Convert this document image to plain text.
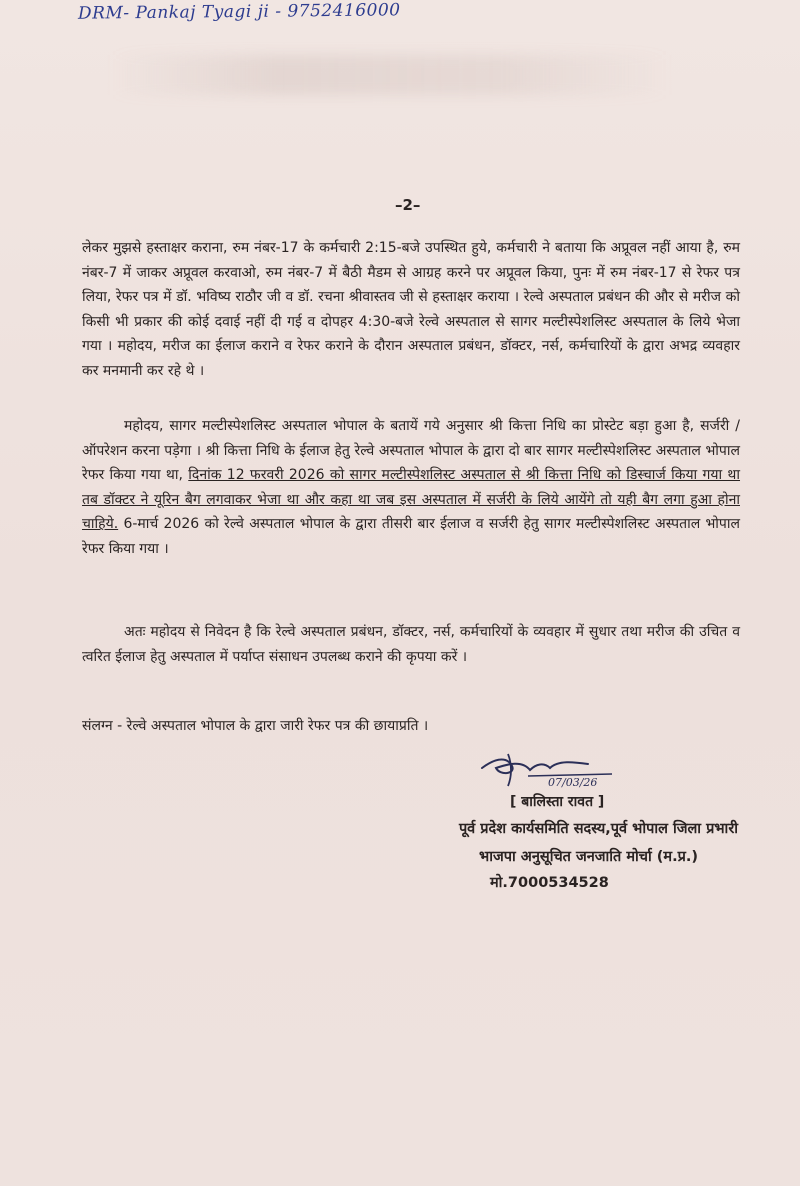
DRM- Pankaj Tyagi ji - 9752416000
–2–
लेकर मुझसे हस्ताक्षर कराना, रुम नंबर-17 के कर्मचारी 2:15-बजे उपस्थित हुये, कर्मचारी ने बताया कि अप्रूवल नहीं आया है, रुम नंबर-7 में जाकर अप्रूवल करवाओ, रुम नंबर-7 में बैठी मैडम से आग्रह करने पर अप्रूवल किया, पुनः में रुम नंबर-17 से रेफर पत्र लिया, रेफर पत्र में डॉ. भविष्य राठौर जी व डॉ. रचना श्रीवास्तव जी से हस्ताक्षर कराया । रेल्वे अस्पताल प्रबंधन की और से मरीज को किसी भी प्रकार की कोई दवाई नहीं दी गई व दोपहर 4:30-बजे रेल्वे अस्पताल से सागर मल्टीस्पेशलिस्ट अस्पताल के लिये भेजा गया । महोदय, मरीज का ईलाज कराने व रेफर कराने के दौरान अस्पताल प्रबंधन, डॉक्टर, नर्स, कर्मचारियों के द्वारा अभद्र व्यवहार कर मनमानी कर रहे थे ।
महोदय, सागर मल्टीस्पेशलिस्ट अस्पताल भोपाल के बतायें गये अनुसार श्री कित्ता निधि का प्रोस्टेट बड़ा हुआ है, सर्जरी / ऑपरेशन करना पड़ेगा । श्री कित्ता निधि के ईलाज हेतु रेल्वे अस्पताल भोपाल के द्वारा दो बार सागर मल्टीस्पेशलिस्ट अस्पताल भोपाल रेफर किया गया था, दिनांक 12 फरवरी 2026 को सागर मल्टीस्पेशलिस्ट अस्पताल से श्री कित्ता निधि को डिस्चार्ज किया गया था तब डॉक्टर ने यूरिन बैग लगवाकर भेजा था और कहा था जब इस अस्पताल में सर्जरी के लिये आयेंगे तो यही बैग लगा हुआ होना चाहिये. 6-मार्च 2026 को रेल्वे अस्पताल भोपाल के द्वारा तीसरी बार ईलाज व सर्जरी हेतु सागर मल्टीस्पेशलिस्ट अस्पताल भोपाल रेफर किया गया ।
अतः महोदय से निवेदन है कि रेल्वे अस्पताल प्रबंधन, डॉक्टर, नर्स, कर्मचारियों के व्यवहार में सुधार तथा मरीज की उचित व त्वरित ईलाज हेतु अस्पताल में पर्याप्त संसाधन उपलब्ध कराने की कृपया करें ।
संलग्न - रेल्वे अस्पताल भोपाल के द्वारा जारी रेफर पत्र की छायाप्रति ।
07/03/26
[ बालिस्ता रावत ]
पूर्व प्रदेश कार्यसमिति सदस्य,पूर्व भोपाल जिला प्रभारी
भाजपा अनुसूचित जनजाति मोर्चा (म.प्र.)
मो.7000534528
